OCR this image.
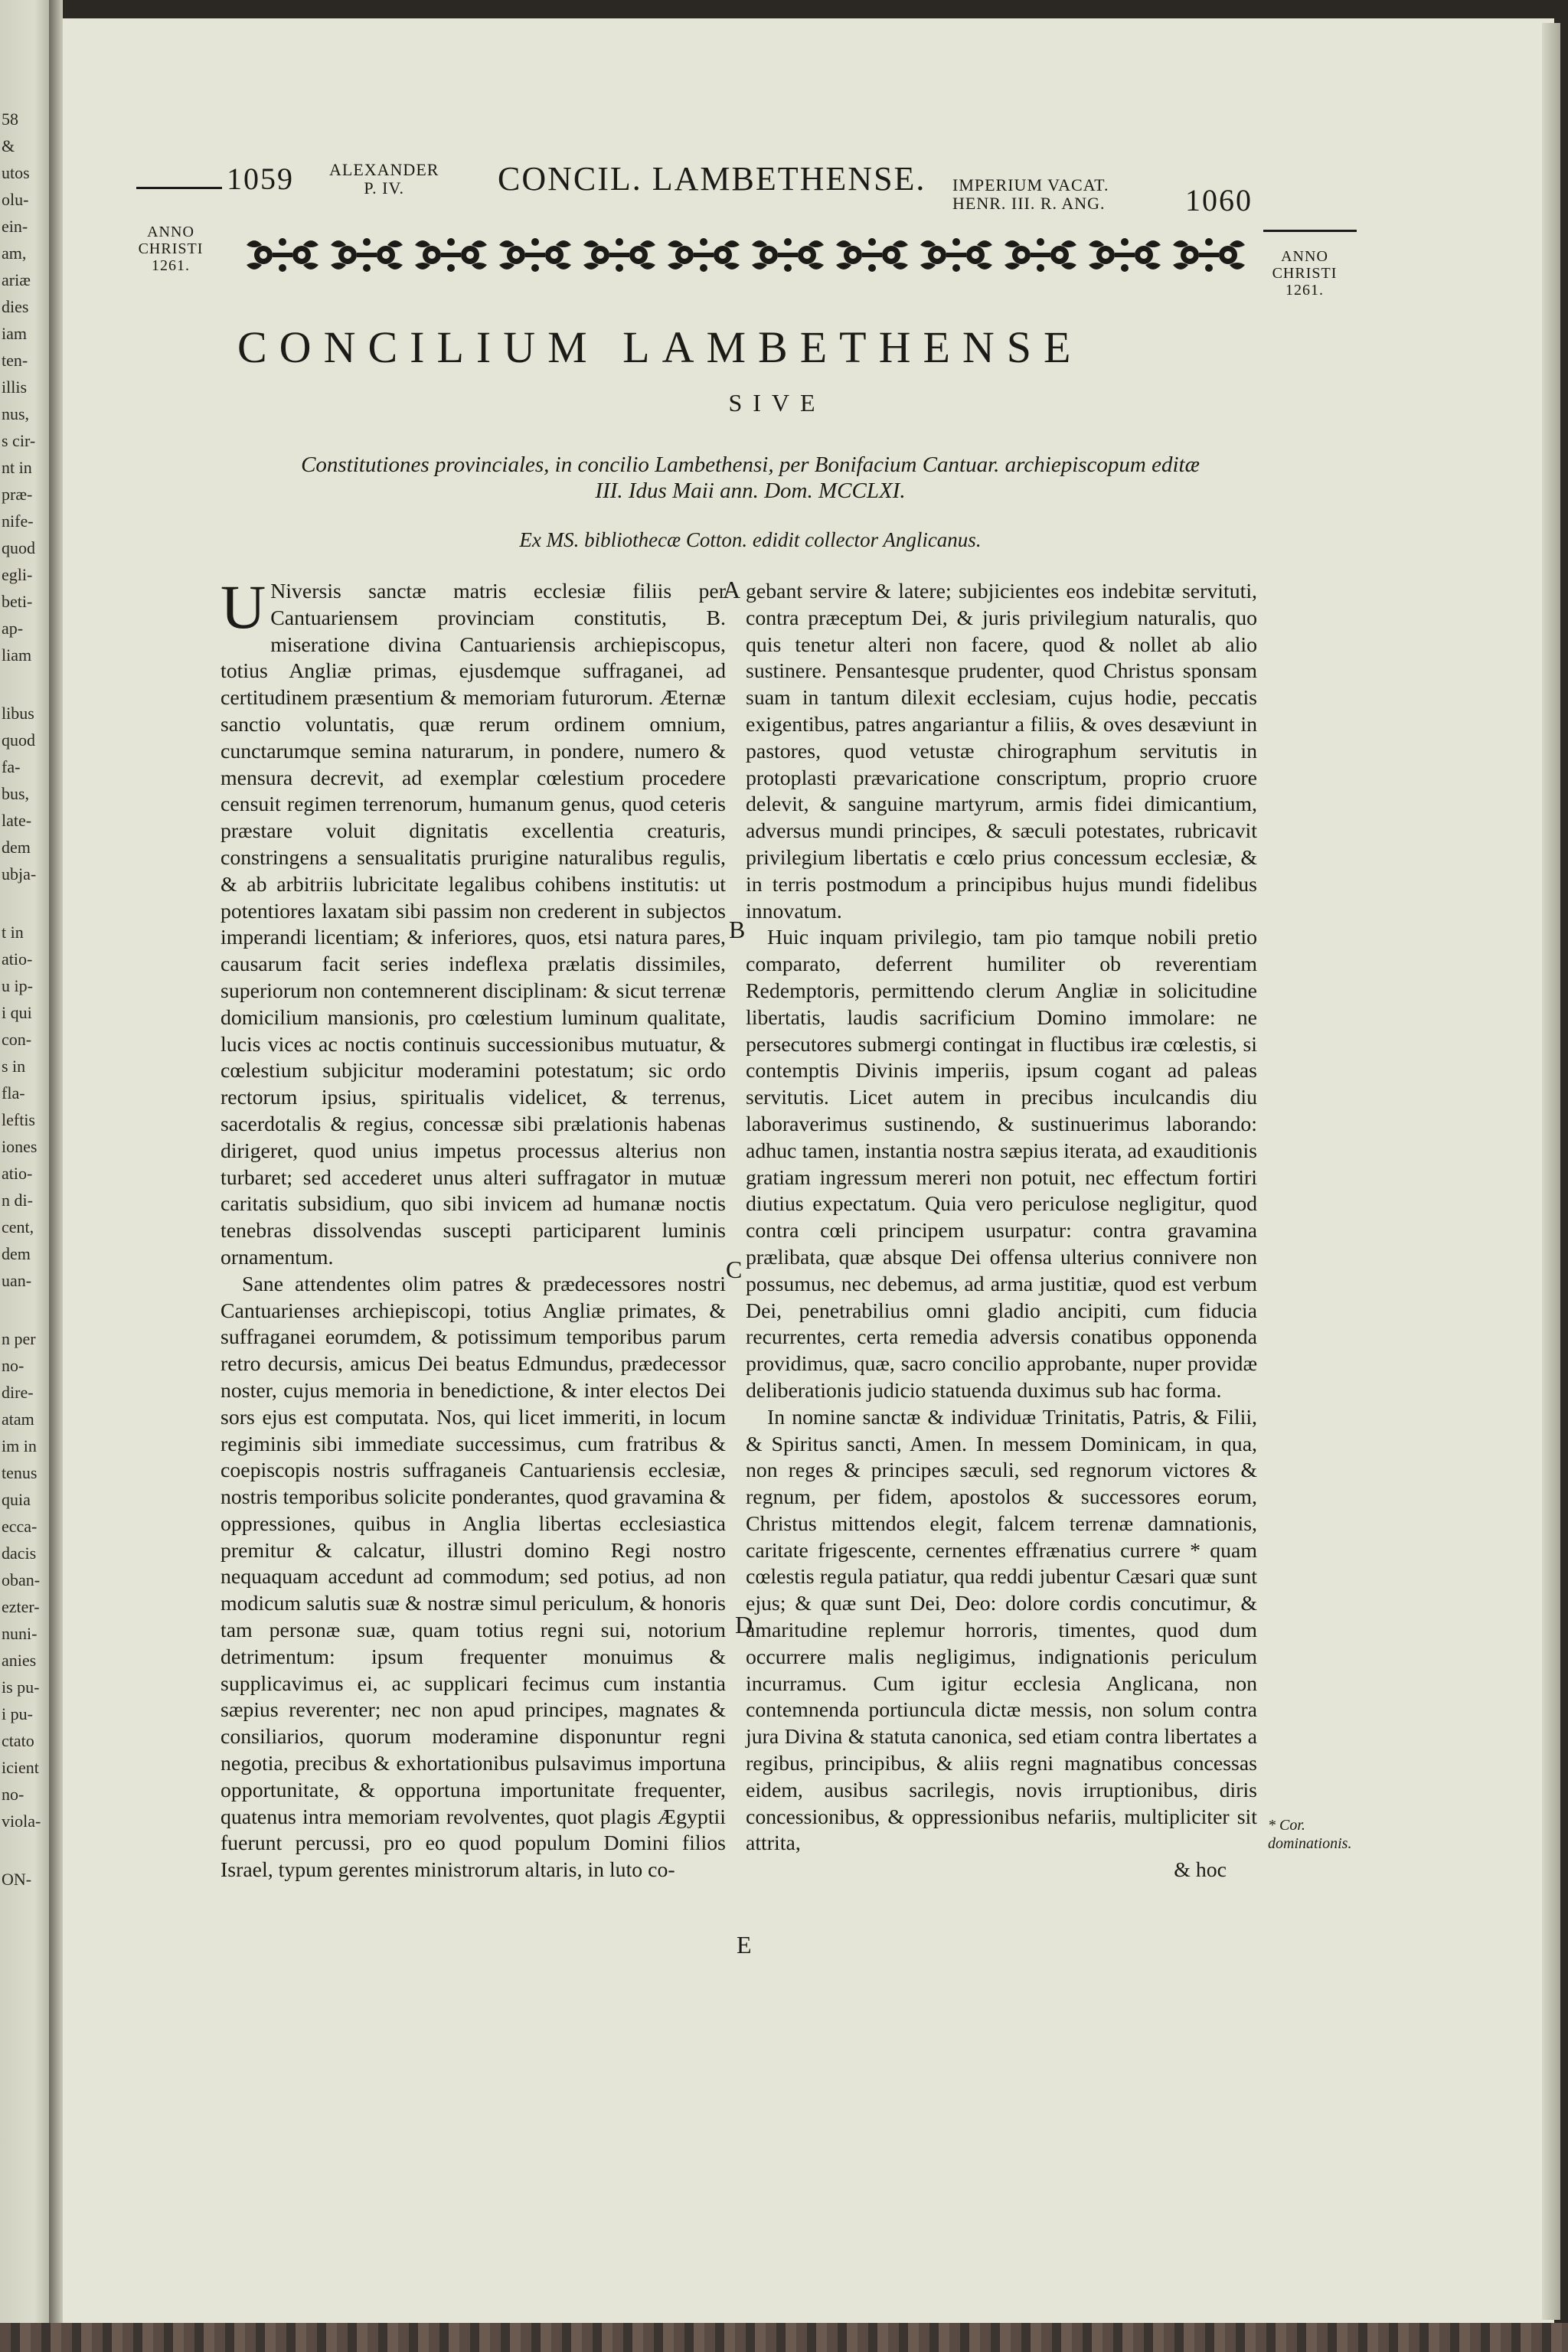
58
&
utos
olu-
ein-
am,
ariæ
dies
iam
ten-
illis
nus,
s cir-
nt in
præ-
nife-
quod
egli-
beti-
ap-
liam
libus
quod
fa-
bus,
late-
dem
ubja-
t in
atio-
u ip-
i qui
con-
s in
fla-
leftis
iones
atio-
n di-
cent,
dem
uan-
n per
no-
dire-
atam
im in
tenus
quia
ecca-
dacis
oban-
ezter-
nuni-
anies
is pu-
i pu-
ctato
icient
no-
viola-
ON-
1059 ALEXANDER
P. IV.	CONCIL. LAMBETHENSE. IMPERIUM VACAT.
HENR. III. R. ANG.	1060
ANNO
CHRISTI
1261.
ANNO
CHRISTI
1261.
CONCILIUM LAMBETHENSE
SIVE
Constitutiones provinciales, in concilio Lambethensi, per Bonifacium Cantuar. archiepiscopum editæ III. Idus Maii ann. Dom. MCCLXI.
Ex MS. bibliothecæ Cotton. edidit collector Anglicanus.
A
B
C
D
E

U Niversis sanctæ matris ecclesiæ filiis per Cantuariensem provinciam constitutis, B. miseratione divina Cantuariensis archiepiscopus, totius Angliæ primas, ejusdemque suffraganei, ad certitudinem præsentium & memoriam futurorum. Æternæ sanctio voluntatis, quæ rerum ordinem omnium, cunctarumque semina naturarum, in pondere, numero & mensura decrevit, ad exemplar cœlestium procedere censuit regimen terrenorum, humanum genus, quod ceteris præstare voluit dignitatis excellentia creaturis, constringens a sensualitatis prurigine naturalibus regulis, & ab arbitriis lubricitate legalibus cohibens institutis: ut potentiores laxatam sibi passim non crederent in subjectos imperandi licentiam; & inferiores, quos, etsi natura pares, causarum facit series indeflexa prælatis dissimiles, superiorum non contemnerent disciplinam: & sicut terrenæ domicilium mansionis, pro cœlestium luminum qualitate, lucis vices ac noctis continuis successionibus mutuatur, & cœlestium subjicitur moderamini potestatum; sic ordo rectorum ipsius, spiritualis videlicet, & terrenus, sacerdotalis & regius, concessæ sibi prælationis habenas dirigeret, quod unius impetus processus alterius non turbaret; sed accederet unus alteri suffragator in mutuæ caritatis subsidium, quo sibi invicem ad humanæ noctis tenebras dissolvendas suscepti participarent luminis ornamentum.

Sane attendentes olim patres & prædecessores nostri Cantuarienses archiepiscopi, totius Angliæ primates, & suffraganei eorumdem, & potissimum temporibus parum retro decursis, amicus Dei beatus Edmundus, prædecessor noster, cujus memoria in benedictione, & inter electos Dei sors ejus est computata. Nos, qui licet immeriti, in locum regiminis sibi immediate successimus, cum fratribus & coepiscopis nostris suffraganeis Cantuariensis ecclesiæ, nostris temporibus solicite ponderantes, quod gravamina & oppressiones, quibus in Anglia libertas ecclesiastica premitur & calcatur, illustri domino Regi nostro nequaquam accedunt ad commodum; sed potius, ad non modicum salutis suæ & nostræ simul periculum, & honoris tam personæ suæ, quam totius regni sui, notorium detrimentum: ipsum frequenter monuimus & supplicavimus ei, ac supplicari fecimus cum instantia sæpius reverenter; nec non apud principes, magnates & consiliarios, quorum moderamine disponuntur regni negotia, precibus & exhortationibus pulsavimus importuna opportunitate, & opportuna importunitate frequenter, quatenus intra memoriam revolventes, quot plagis Ægyptii fuerunt percussi, pro eo quod populum Domini filios Israel, typum gerentes ministrorum altaris, in luto co-

gebant servire & latere; subjicientes eos indebitæ servituti, contra præceptum Dei, & juris privilegium naturalis, quo quis tenetur alteri non facere, quod & nollet ab alio sustinere. Pensantesque prudenter, quod Christus sponsam suam in tantum dilexit ecclesiam, cujus hodie, peccatis exigentibus, patres angariantur a filiis, & oves desæviunt in pastores, quod vetustæ chirographum servitutis in protoplasti prævaricatione conscriptum, proprio cruore delevit, & sanguine martyrum, armis fidei dimicantium, adversus mundi principes, & sæculi potestates, rubricavit privilegium libertatis e cœlo prius concessum ecclesiæ, & in terris postmodum a principibus hujus mundi fidelibus innovatum.

Huic inquam privilegio, tam pio tamque nobili pretio comparato, deferrent humiliter ob reverentiam Redemptoris, permittendo clerum Angliæ in solicitudine libertatis, laudis sacrificium Domino immolare: ne persecutores submergi contingat in fluctibus iræ cœlestis, si contemptis Divinis imperiis, ipsum cogant ad paleas servitutis. Licet autem in precibus inculcandis diu laboraverimus sustinendo, & sustinuerimus laborando: adhuc tamen, instantia nostra sæpius iterata, ad exauditionis gratiam ingressum mereri non potuit, nec effectum fortiri diutius expectatum. Quia vero periculose negligitur, quod contra cœli principem usurpatur: contra gravamina prælibata, quæ absque Dei offensa ulterius connivere non possumus, nec debemus, ad arma justitiæ, quod est verbum Dei, penetrabilius omni gladio ancipiti, cum fiducia recurrentes, certa remedia adversis conatibus opponenda providimus, quæ, sacro concilio approbante, nuper providæ deliberationis judicio statuenda duximus sub hac forma.

In nomine sanctæ & individuæ Trinitatis, Patris, & Filii, & Spiritus sancti, Amen. In messem Dominicam, in qua, non reges & principes sæculi, sed regnorum victores & regnum, per fidem, apostolos & successores eorum, Christus mittendos elegit, falcem terrenæ damnationis, caritate frigescente, cernentes effrænatius currere * quam cœlestis regula patiatur, qua reddi jubentur Cæsari quæ sunt ejus; & quæ sunt Dei, Deo: dolore cordis concutimur, & amaritudine replemur horroris, timentes, quod dum occurrere malis negligimus, indignationis periculum incurramus. Cum igitur ecclesia Anglicana, non contemnenda portiuncula dictæ messis, non solum contra jura Divina & statuta canonica, sed etiam contra libertates a regibus, principibus, & aliis regni magnatibus concessas eidem, ausibus sacrilegis, novis irruptionibus, diris concessionibus, & oppressionibus nefariis, multipliciter sit attrita,

& hoc
* Cor. dominationis.
